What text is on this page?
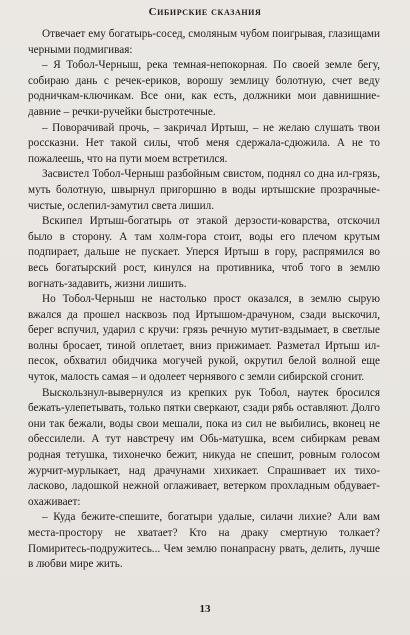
Сибирские сказания

Отвечает ему богатырь-сосед, смоляным чубом поигрывая, глазищами черными подмигивая:

– Я Тобол-Черныш, река темная-непокорная. По своей земле бегу, собираю дань с речек-ериков, ворошу землицу болотную, счет веду родничкам-ключикам. Все они, как есть, должники мои давнишние-давние – речки-ручейки быстротечные.

– Поворачивай прочь, – закричал Иртыш, – не желаю слушать твои россказни. Нет такой силы, чтоб меня сдержала-сдюжила. А не то пожалеешь, что на пути моем встретился.

Засвистел Тобол-Черныш разбойным свистом, поднял со дна ил-грязь, муть болотную, швырнул пригоршню в воды иртышские прозрачные-чистые, ослепил-замутил света лишил.

Вскипел Иртыш-богатырь от этакой дерзости-коварства, отскочил было в сторону. А там холм-гора стоит, воды его плечом крутым подпирает, дальше не пускает. Уперся Иртыш в гору, распрямился во весь богатырский рост, кинулся на противника, чтоб того в землю вогнать-задавить, жизни лишить.

Но Тобол-Черныш не настолько прост оказался, в землю сырую вжался да прошел насквозь под Иртышом-драчуном, сзади выскочил, берег вспучил, ударил с кручи: грязь речную мутит-вздымает, в светлые волны бросает, тиной оплетает, вниз прижимает. Разметал Иртыш ил-песок, обхватил обидчика могучей рукой, окрутил белой волной еще чуток, малость самая – и одолеет чернявого с земли сибирской сгонит.

Выскользнул-вывернулся из крепких рук Тобол, наутек бросился бежать-улепетывать, только пятки сверкают, сзади рябь оставляют. Долго они так бежали, воды свои мешали, пока из сил не выбились, вконец не обессилели. А тут навстречу им Обь-матушка, всем сибиркам ревам родная тетушка, тихонечко бежит, никуда не спешит, ровным голосом журчит-мурлыкает, над драчунами хихикает. Спрашивает их тихо-ласково, ладошкой нежной оглаживает, ветерком прохладным обдувает-охаживает:

– Куда бежите-спешите, богатыри удалые, силачи лихие? Али вам места-простору не хватает? Кто на драку смертную толкает? Помиритесь-подружитесь... Чем землю понапрасну рвать, делить, лучше в любви мире жить.

13
